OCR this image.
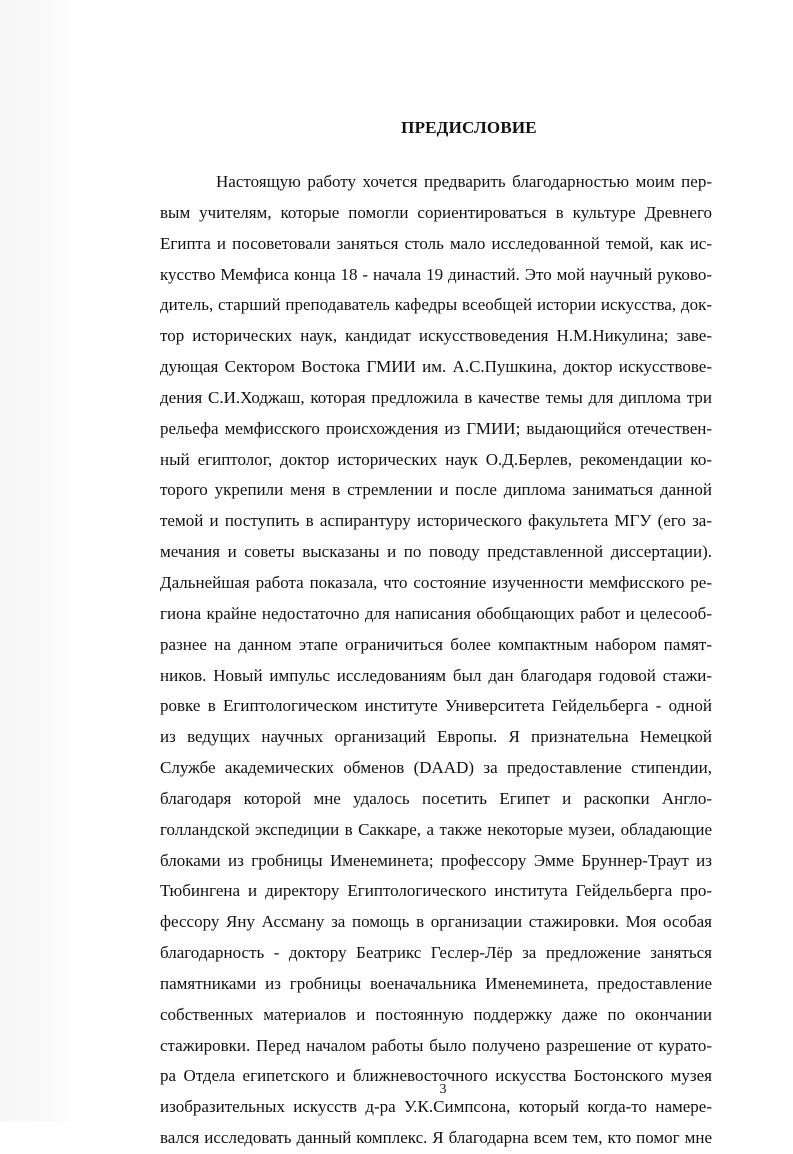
ПРЕДИСЛОВИЕ
Настоящую работу хочется предварить благодарностью моим пер-
вым учителям, которые помогли сориентироваться в культуре Древнего
Египта и посоветовали заняться столь мало исследованной темой, как ис-
кусство Мемфиса конца 18 - начала 19 династий. Это мой научный руково-
дитель, старший преподаватель кафедры всеобщей истории искусства, док-
тор исторических наук, кандидат искусствоведения Н.М.Никулина; заве-
дующая Сектором Востока ГМИИ им. А.С.Пушкина, доктор искусствове-
дения С.И.Ходжаш, которая предложила в качестве темы для диплома три
рельефа мемфисского происхождения из ГМИИ; выдающийся отечествен-
ный египтолог, доктор исторических наук О.Д.Берлев, рекомендации ко-
торого укрепили меня в стремлении и после диплома заниматься данной
темой и поступить в аспирантуру исторического факультета МГУ (его за-
мечания и советы высказаны и по поводу представленной диссертации).
Дальнейшая работа показала, что состояние изученности мемфисского ре-
гиона крайне недостаточно для написания обобщающих работ и целесооб-
разнее на данном этапе ограничиться более компактным набором памят-
ников. Новый импульс исследованиям был дан благодаря годовой стажи-
ровке в Египтологическом институте Университета Гейдельберга - одной
из ведущих научных организаций Европы. Я признательна Немецкой
Службе академических обменов (DAAD) за предоставление стипендии,
благодаря которой мне удалось посетить Египет и раскопки Англо-
голландской экспедиции в Саккаре, а также некоторые музеи, обладающие
блоками из гробницы Именеминета; профессору Эмме Бруннер-Траут из
Тюбингена и директору Египтологического института Гейдельберга про-
фессору Яну Ассману за помощь в организации стажировки. Моя особая
благодарность - доктору Беатрикс Геслер-Лёр за предложение заняться
памятниками из гробницы военачальника Именеминета, предоставление
собственных материалов и постоянную поддержку даже по окончании
стажировки. Перед началом работы было получено разрешение от курато-
ра Отдела египетского и ближневосточного искусства Бостонского музея
изобразительных искусств д-ра У.К.Симпсона, который когда-то намере-
вался исследовать данный комплекс. Я благодарна всем тем, кто помог мне
3
